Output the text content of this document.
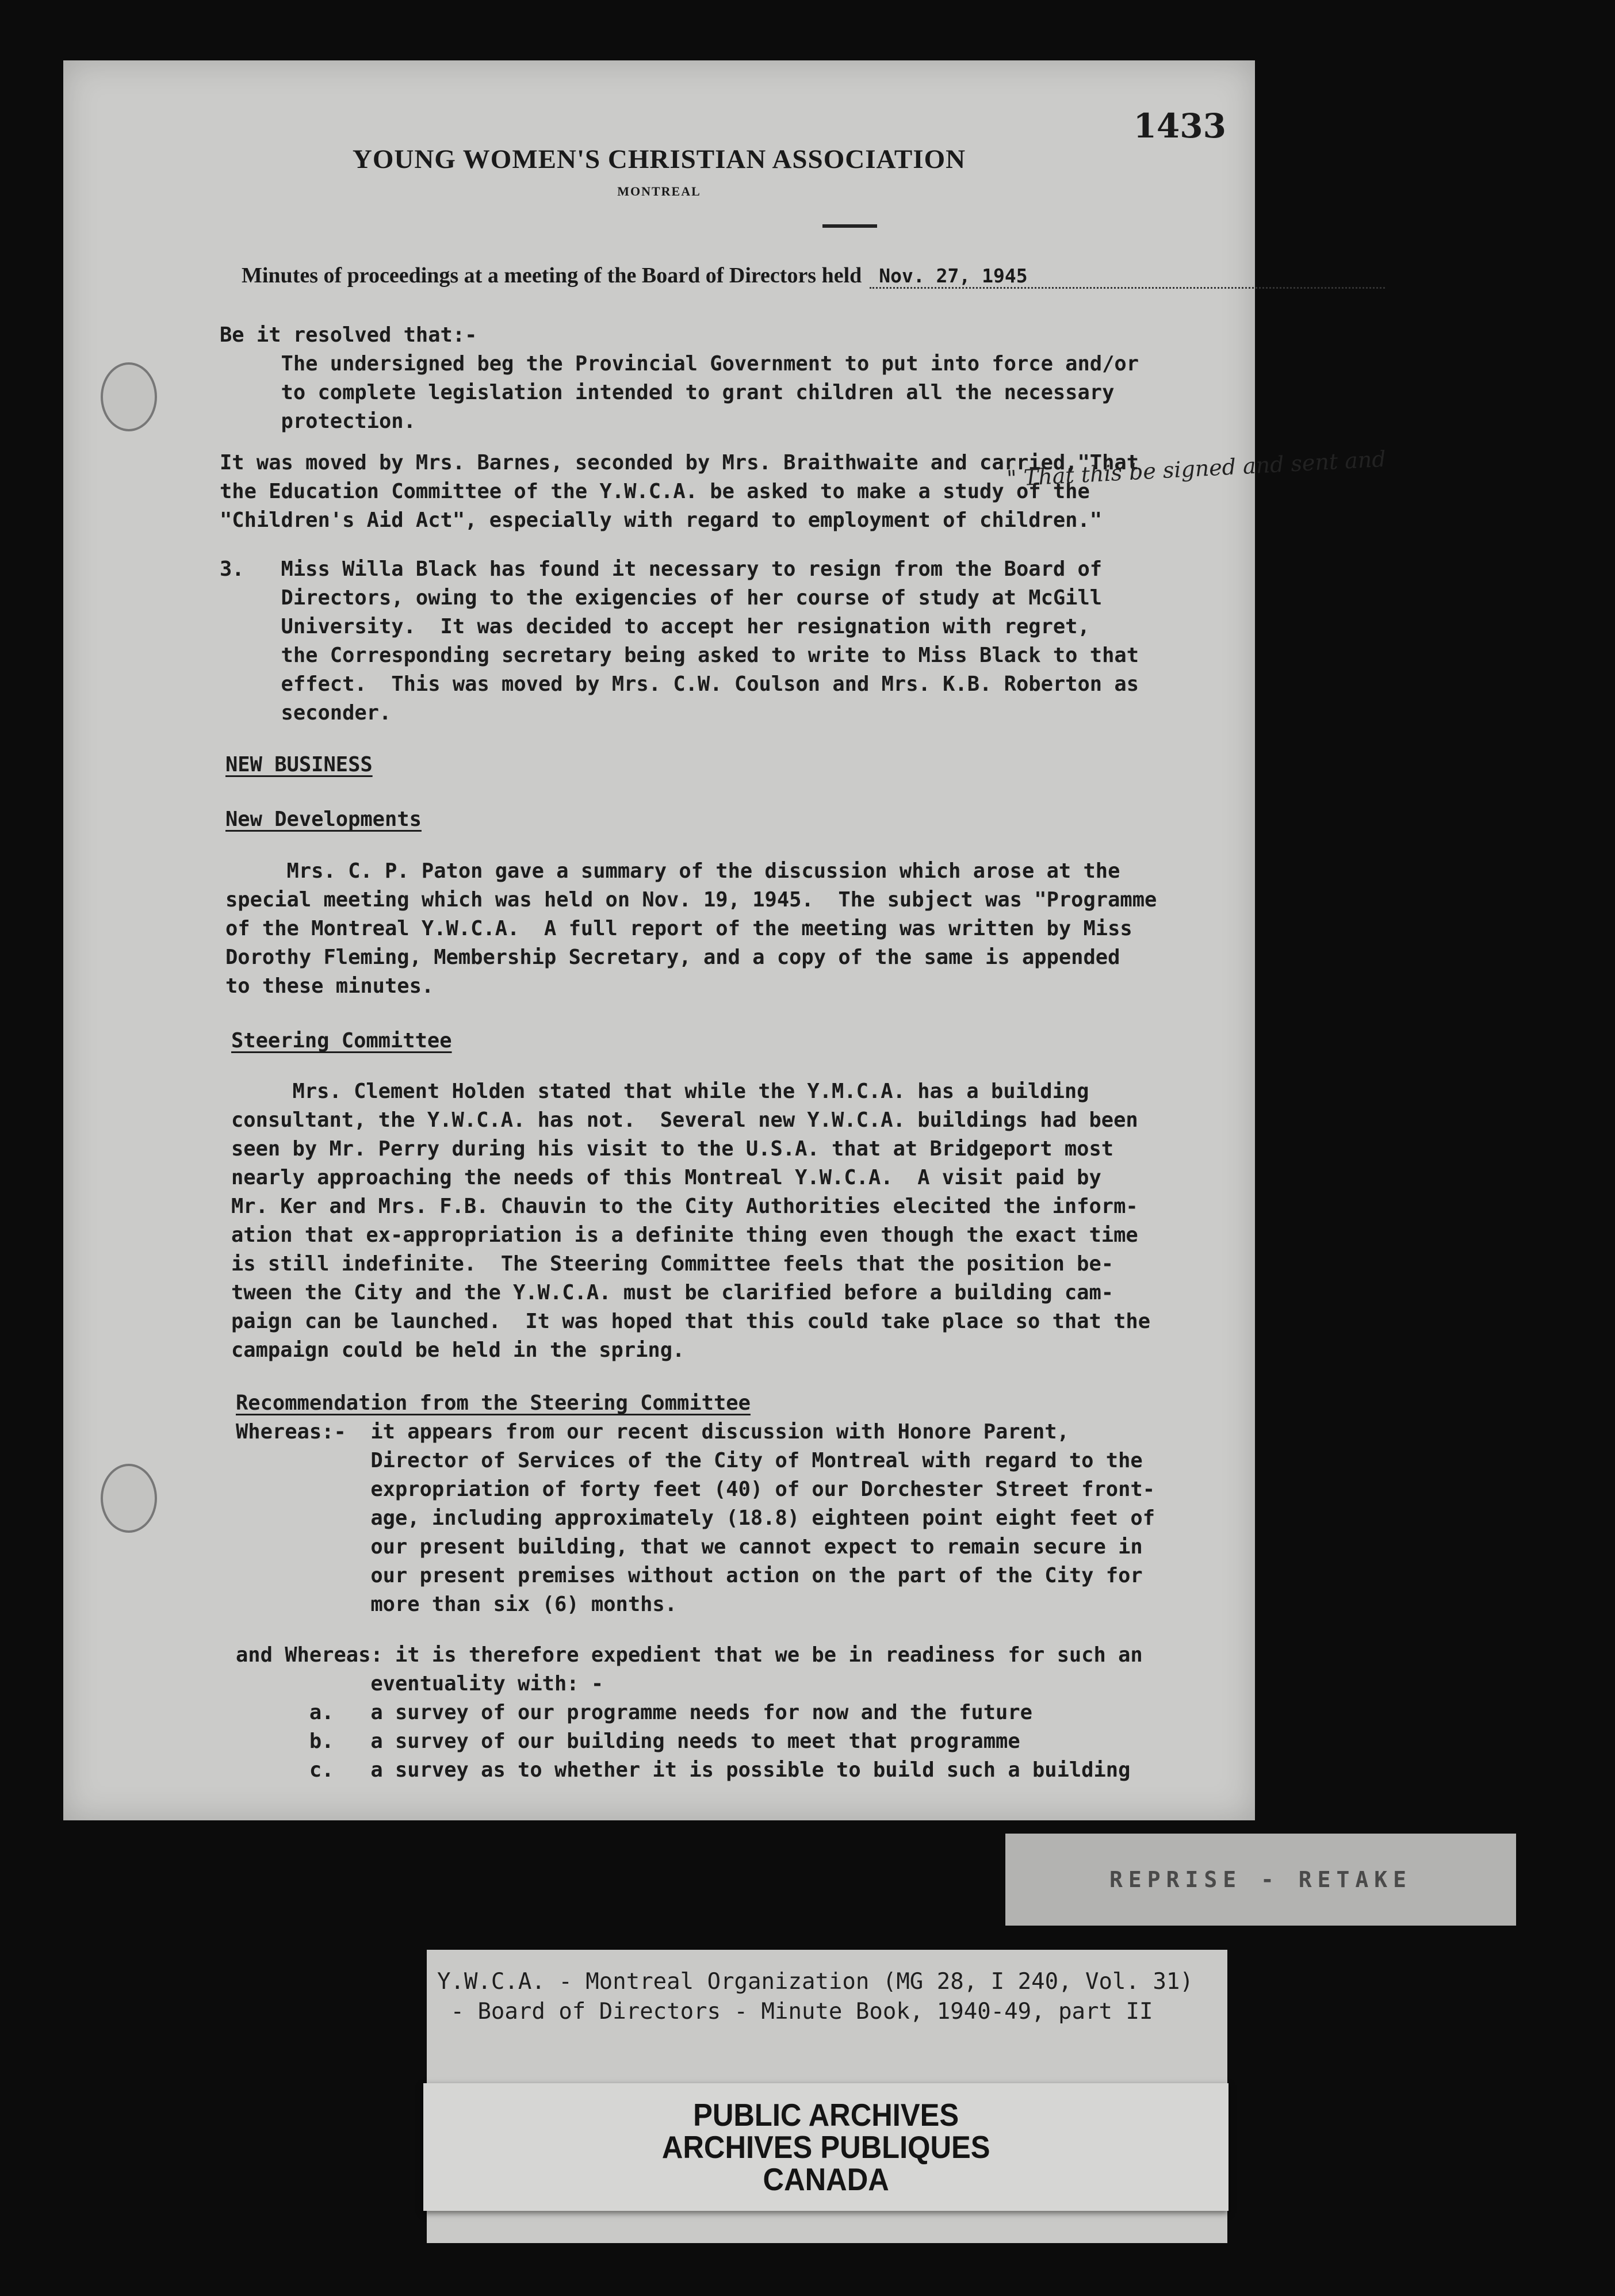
1433
YOUNG WOMEN'S CHRISTIAN ASSOCIATION
MONTREAL
Minutes of proceedings at a meeting of the Board of Directors held Nov. 27, 1945

Be it resolved that:-

The undersigned beg the Provincial Government to put into force and/or

to complete legislation intended to grant children all the necessary

protection.

It was moved by Mrs. Barnes, seconded by Mrs. Braithwaite and carried,"That

the Education Committee of the Y.W.C.A. be asked to make a study of the

"Children's Aid Act", especially with regard to employment of children."

3.   Miss Willa Black has found it necessary to resign from the Board of

Directors, owing to the exigencies of her course of study at McGill

University.  It was decided to accept her resignation with regret,

the Corresponding secretary being asked to write to Miss Black to that

effect.  This was moved by Mrs. C.W. Coulson and Mrs. K.B. Roberton as

seconder.

NEW BUSINESS

New Developments

Mrs. C. P. Paton gave a summary of the discussion which arose at the

special meeting which was held on Nov. 19, 1945.  The subject was "Programme

of the Montreal Y.W.C.A.  A full report of the meeting was written by Miss

Dorothy Fleming, Membership Secretary, and a copy of the same is appended

to these minutes.

Steering Committee

Mrs. Clement Holden stated that while the Y.M.C.A. has a building

consultant, the Y.W.C.A. has not.  Several new Y.W.C.A. buildings had been

seen by Mr. Perry during his visit to the U.S.A. that at Bridgeport most

nearly approaching the needs of this Montreal Y.W.C.A.  A visit paid by

Mr. Ker and Mrs. F.B. Chauvin to the City Authorities elecited the inform-

ation that ex-appropriation is a definite thing even though the exact time

is still indefinite.  The Steering Committee feels that the position be-

tween the City and the Y.W.C.A. must be clarified before a building cam-

paign can be launched.  It was hoped that this could take place so that the

campaign could be held in the spring.

Recommendation from the Steering Committee

Whereas:-  it appears from our recent discussion with Honore Parent,

Director of Services of the City of Montreal with regard to the

expropriation of forty feet (40) of our Dorchester Street front-

age, including approximately (18.8) eighteen point eight feet of

our present building, that we cannot expect to remain secure in

our present premises without action on the part of the City for

more than six (6) months.

and Whereas: it is therefore expedient that we be in readiness for such an

eventuality with: -

a.   a survey of our programme needs for now and the future

b.   a survey of our building needs to meet that programme

c.   a survey as to whether it is possible to build such a building

" That this be signed and sent and
REPRISE - RETAKE
Y.W.C.A. - Montreal Organization (MG 28, I 240, Vol. 31)
- Board of Directors - Minute Book, 1940-49, part II
PUBLIC ARCHIVES
ARCHIVES PUBLIQUES
CANADA
